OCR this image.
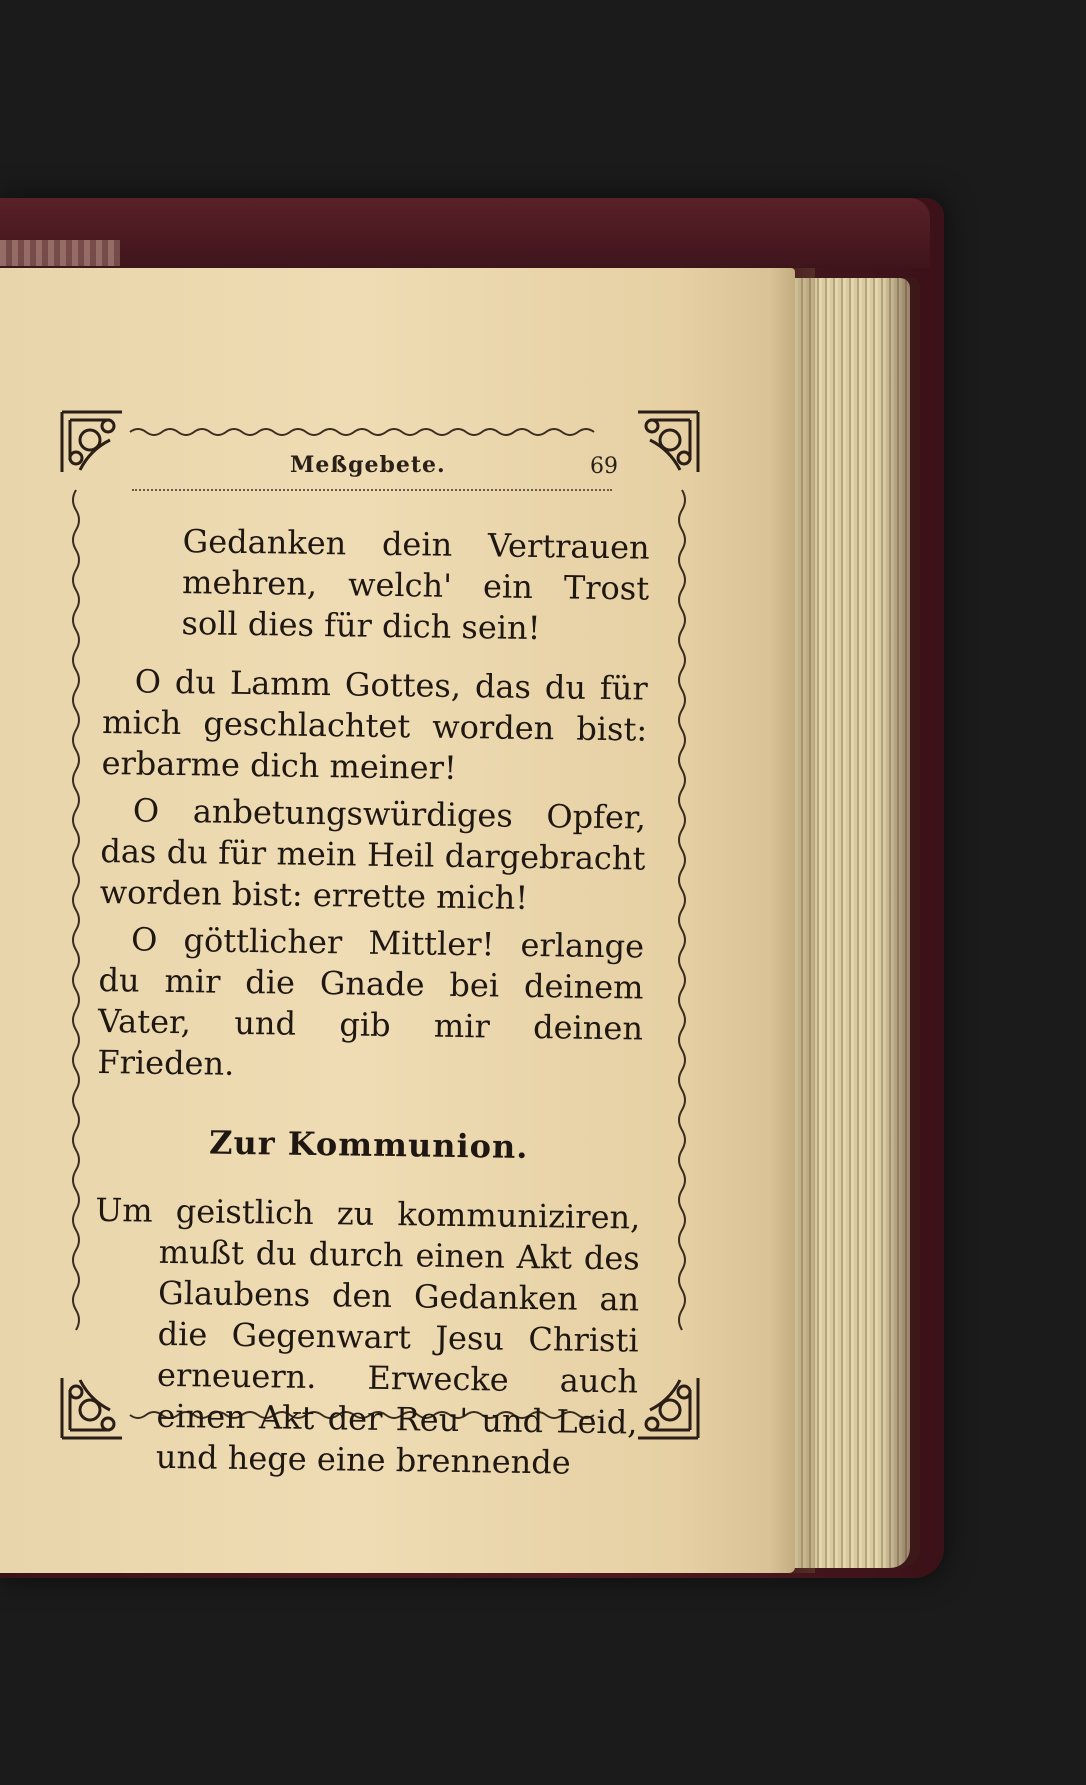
Meßgebete.	69

Gedanken dein Vertrauen mehren, welch' ein Trost soll dies für dich sein!

O du Lamm Gottes, das du für mich geschlachtet worden bist: erbarme dich meiner!

O anbetungswürdiges Opfer, das du für mein Heil dargebracht worden bist: errette mich!

O göttlicher Mittler! erlange du mir die Gnade bei deinem Vater, und gib mir deinen Frieden.

Zur Kommunion.

Um geistlich zu kommuniziren, mußt du durch einen Akt des Glaubens den Gedanken an die Gegenwart Jesu Christi erneuern. Erwecke auch einen Akt der Reu' und Leid, und hege eine brennende
